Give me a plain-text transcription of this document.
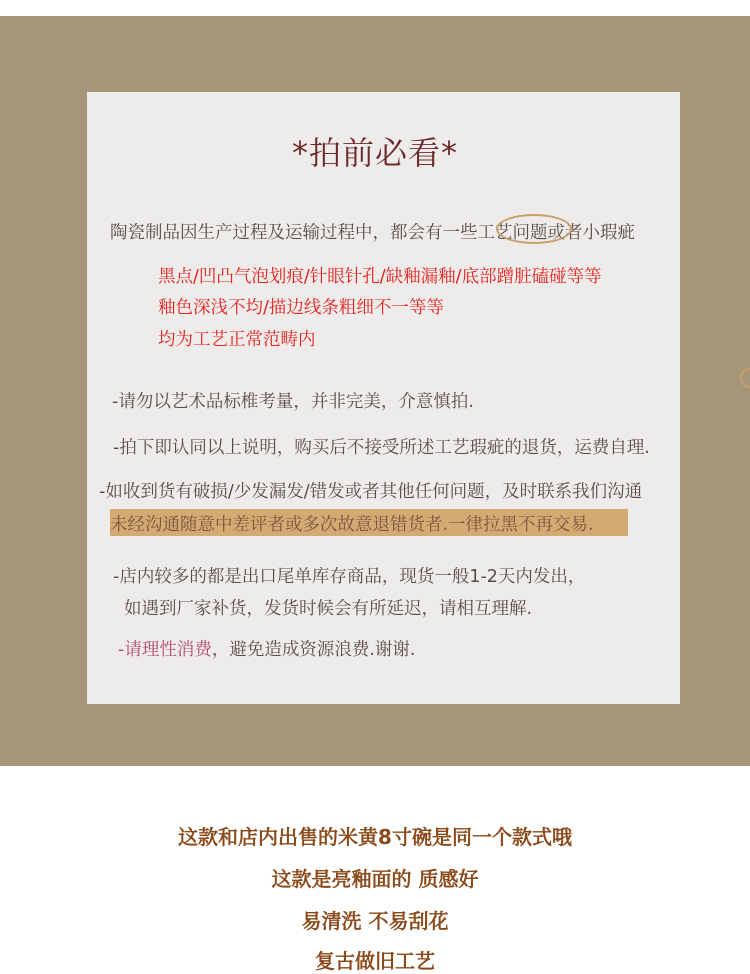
*拍前必看*
陶瓷制品因生产过程及运输过程中，都会有一些工艺问题或者小瑕疵
黑点/凹凸气泡划痕/针眼针孔/缺釉漏釉/底部蹭脏磕碰等等
釉色深浅不均/描边线条粗细不一等等
均为工艺正常范畴内
-请勿以艺术品标椎考量，并非完美，介意慎拍.
-拍下即认同以上说明，购买后不接受所述工艺瑕疵的退货，运费自理.
-如收到货有破损/少发漏发/错发或者其他任何问题，及时联系我们沟通
未经沟通随意中差评者或多次故意退错货者.一律拉黑不再交易.
-店内较多的都是出口尾单库存商品，现货一般1-2天内发出，
如遇到厂家补货，发货时候会有所延迟，请相互理解.
-请理性消费，避免造成资源浪费.谢谢.
这款和店内出售的米黄8寸碗是同一个款式哦
这款是亮釉面的 质感好
易清洗 不易刮花
复古做旧工艺
